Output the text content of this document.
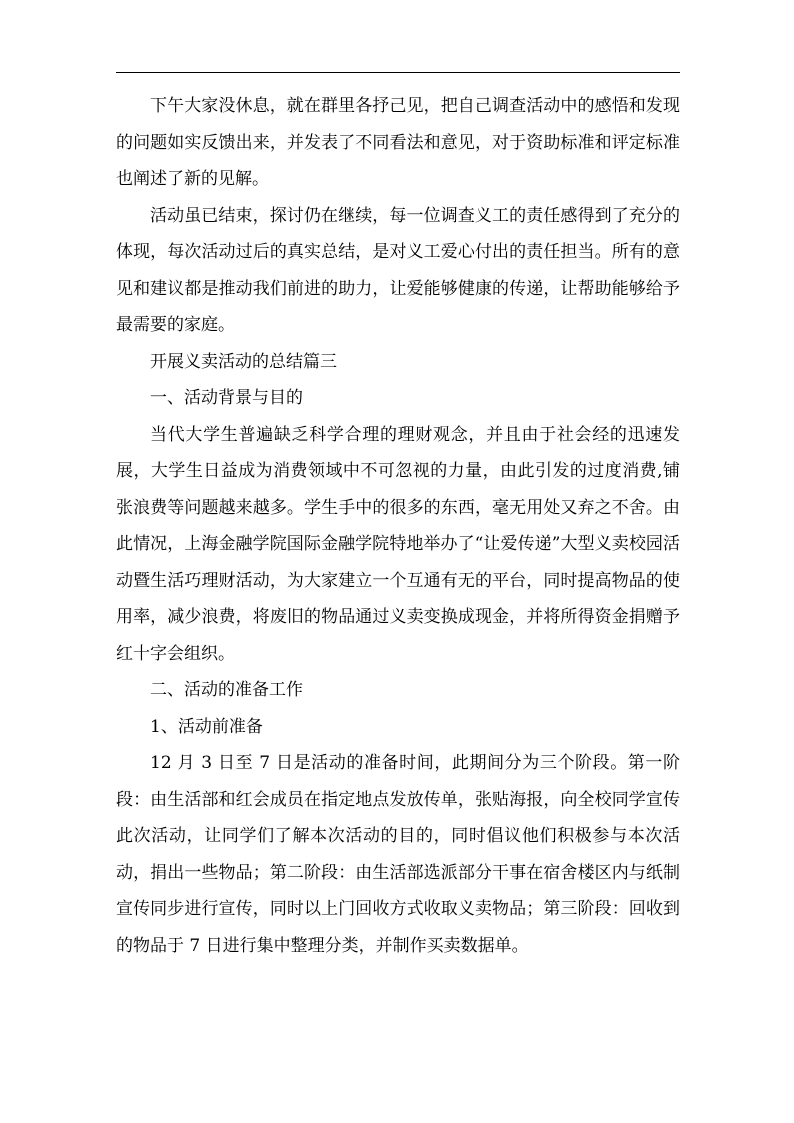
下午大家没休息，就在群里各抒己见，把自己调查活动中的感悟和发现的问题如实反馈出来，并发表了不同看法和意见，对于资助标准和评定标准也阐述了新的见解。

活动虽已结束，探讨仍在继续，每一位调查义工的责任感得到了充分的体现，每次活动过后的真实总结，是对义工爱心付出的责任担当。所有的意见和建议都是推动我们前进的助力，让爱能够健康的传递，让帮助能够给予最需要的家庭。

开展义卖活动的总结篇三

一、活动背景与目的

当代大学生普遍缺乏科学合理的理财观念，并且由于社会经的迅速发展，大学生日益成为消费领域中不可忽视的力量，由此引发的过度消费,铺张浪费等问题越来越多。学生手中的很多的东西，毫无用处又弃之不舍。由此情况，上海金融学院国际金融学院特地举办了“让爱传递”大型义卖校园活动暨生活巧理财活动，为大家建立一个互通有无的平台，同时提高物品的使用率，减少浪费，将废旧的物品通过义卖变换成现金，并将所得资金捐赠予红十字会组织。

二、活动的准备工作

1、活动前准备

12 月 3 日至 7 日是活动的准备时间，此期间分为三个阶段。第一阶段：由生活部和红会成员在指定地点发放传单，张贴海报，向全校同学宣传此次活动，让同学们了解本次活动的目的，同时倡议他们积极参与本次活动，捐出一些物品；第二阶段：由生活部选派部分干事在宿舍楼区内与纸制宣传同步进行宣传，同时以上门回收方式收取义卖物品；第三阶段：回收到的物品于 7 日进行集中整理分类，并制作买卖数据单。
